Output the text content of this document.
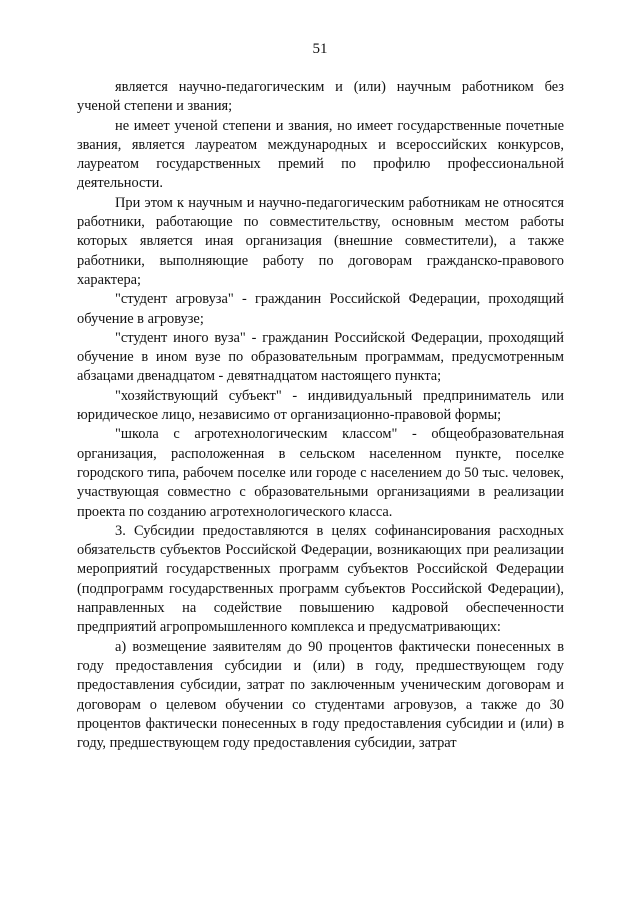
51

является научно-педагогическим и (или) научным работником без ученой степени и звания;

не имеет ученой степени и звания, но имеет государственные почетные звания, является лауреатом международных и всероссийских конкурсов, лауреатом государственных премий по профилю профессиональной деятельности.

При этом к научным и научно-педагогическим работникам не относятся работники, работающие по совместительству, основным местом работы которых является иная организация (внешние совместители), а также работники, выполняющие работу по договорам гражданско-правового характера;

"студент агровуза" - гражданин Российской Федерации, проходящий обучение в агровузе;

"студент иного вуза" - гражданин Российской Федерации, проходящий обучение в ином вузе по образовательным программам, предусмотренным абзацами двенадцатом - девятнадцатом настоящего пункта;

"хозяйствующий субъект" - индивидуальный предприниматель или юридическое лицо, независимо от организационно-правовой формы;

"школа с агротехнологическим классом" - общеобразовательная организация, расположенная в сельском населенном пункте, поселке городского типа, рабочем поселке или городе с населением до 50 тыс. человек, участвующая совместно с образовательными организациями в реализации проекта по созданию агротехнологического класса.

3. Субсидии предоставляются в целях софинансирования расходных обязательств субъектов Российской Федерации, возникающих при реализации мероприятий государственных программ субъектов Российской Федерации (подпрограмм государственных программ субъектов Российской Федерации), направленных на содействие повышению кадровой обеспеченности предприятий агропромышленного комплекса и предусматривающих:

а) возмещение заявителям до 90 процентов фактически понесенных в году предоставления субсидии и (или) в году, предшествующем году предоставления субсидии, затрат по заключенным ученическим договорам и договорам о целевом обучении со студентами агровузов, а также до 30 процентов фактически понесенных в году предоставления субсидии и (или) в году, предшествующем году предоставления субсидии, затрат
